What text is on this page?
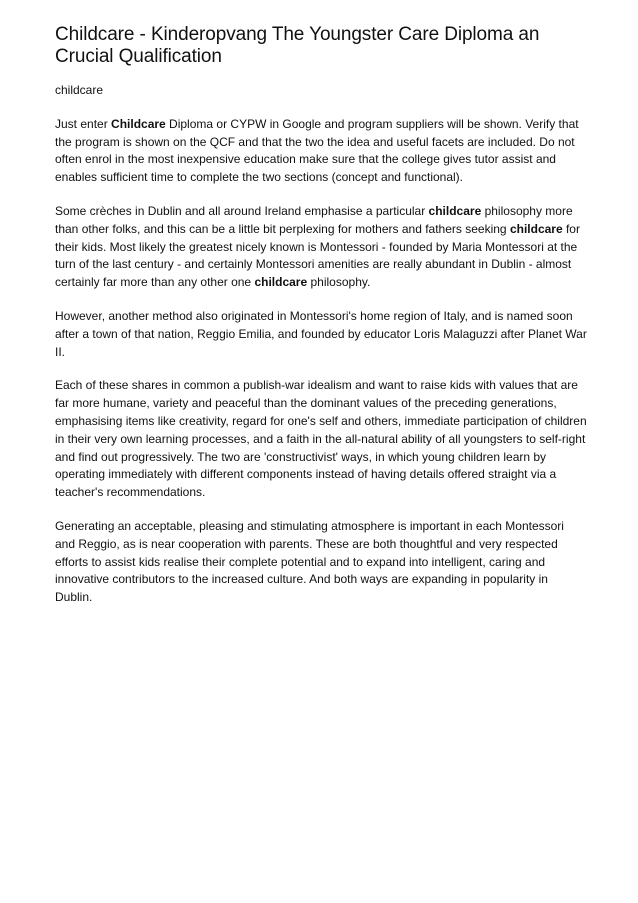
Childcare - Kinderopvang The Youngster Care Diploma an Crucial Qualification
childcare

Just enter Childcare Diploma or CYPW in Google and program suppliers will be shown. Verify that the program is shown on the QCF and that the two the idea and useful facets are included. Do not often enrol in the most inexpensive education make sure that the college gives tutor assist and enables sufficient time to complete the two sections (concept and functional).

Some crèches in Dublin and all around Ireland emphasise a particular childcare philosophy more than other folks, and this can be a little bit perplexing for mothers and fathers seeking childcare for their kids. Most likely the greatest nicely known is Montessori - founded by Maria Montessori at the turn of the last century - and certainly Montessori amenities are really abundant in Dublin - almost certainly far more than any other one childcare philosophy.

However, another method also originated in Montessori's home region of Italy, and is named soon after a town of that nation, Reggio Emilia, and founded by educator Loris Malaguzzi after Planet War II.

Each of these shares in common a publish-war idealism and want to raise kids with values that are far more humane, variety and peaceful than the dominant values of the preceding generations, emphasising items like creativity, regard for one's self and others, immediate participation of children in their very own learning processes, and a faith in the all-natural ability of all youngsters to self-right and find out progressively. The two are 'constructivist' ways, in which young children learn by operating immediately with different components instead of having details offered straight via a teacher's recommendations.

Generating an acceptable, pleasing and stimulating atmosphere is important in each Montessori and Reggio, as is near cooperation with parents. These are both thoughtful and very respected efforts to assist kids realise their complete potential and to expand into intelligent, caring and innovative contributors to the increased culture. And both ways are expanding in popularity in Dublin.
